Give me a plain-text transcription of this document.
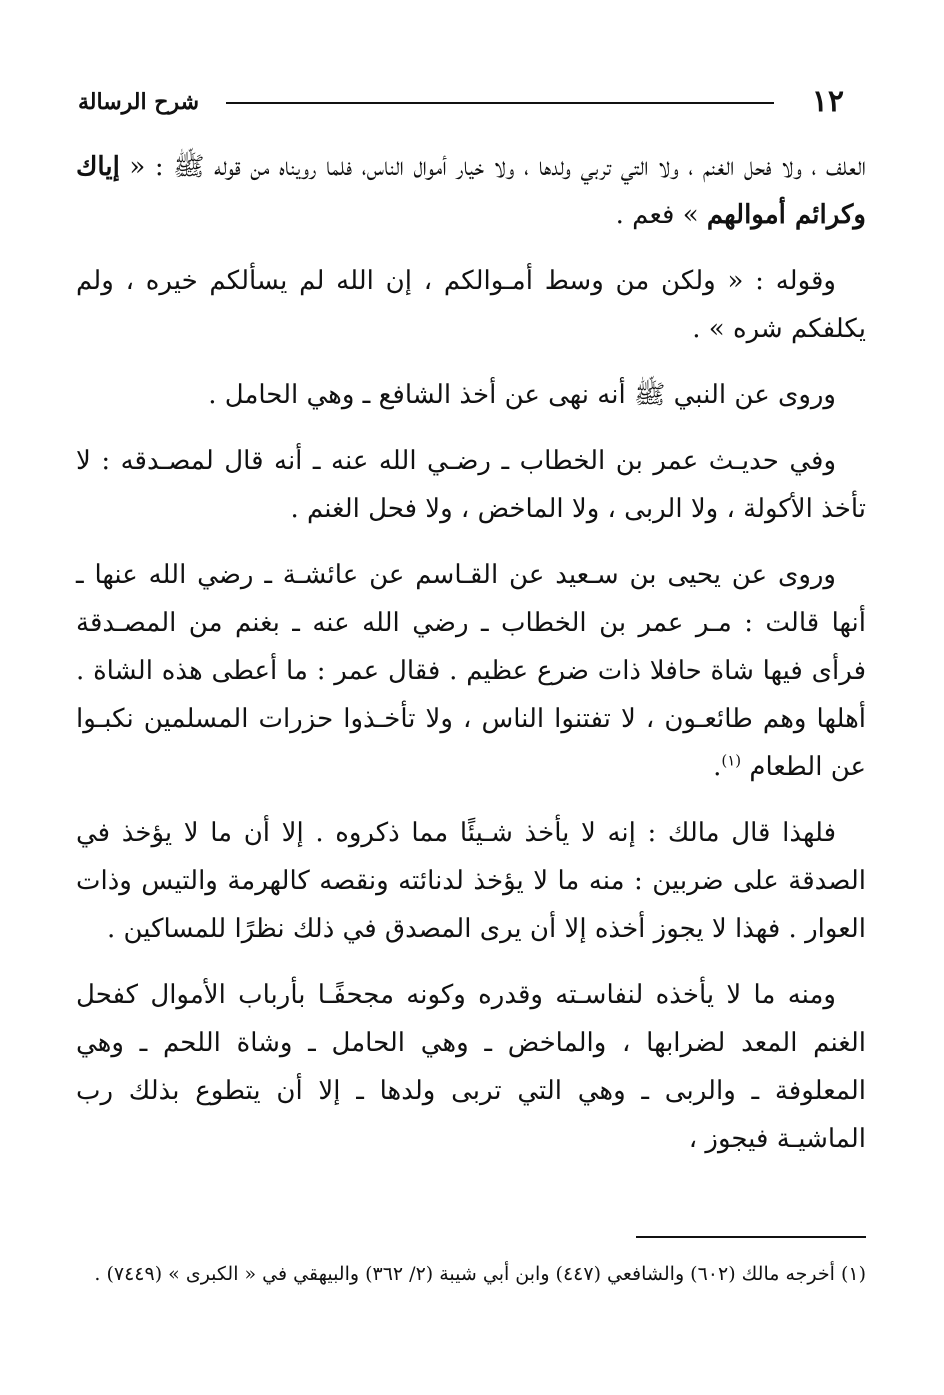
١٢
شرح الرسالة

العلف ، ولا فحل الغنم ، ولا التي تربي ولدها ، ولا خيار أموال الناس، فلما رويناه من قوله ﷺ : « إياك وكرائم أموالهم » فعم .

وقوله : « ولكن من وسط أمـوالكم ، إن الله لم يسألكم خيره ، ولم يكلفكم شره » .

وروى عن النبي ﷺ أنه نهى عن أخذ الشافع ـ وهي الحامل .

وفي حديـث عمر بن الخطاب ـ رضـي الله عنه ـ أنه قال لمصـدقه : لا تأخذ الأكولة ، ولا الربى ، ولا الماخض ، ولا فحل الغنم .

وروى عن يحيى بن سـعيد عن القـاسم عن عائشـة ـ رضي الله عنها ـ أنها قالت : مـر عمر بن الخطاب ـ رضي الله عنه ـ بغنم من المصـدقة فرأى فيها شاة حافلا ذات ضرع عظيم . فقال عمر : ما أعطى هذه الشاة . أهلها وهم طائعـون ، لا تفتنوا الناس ، ولا تأخـذوا حزرات المسلمين نكبـوا عن الطعام $^{(١)}$.

فلهذا قال مالك : إنه لا يأخذ شـيئًا مما ذكروه . إلا أن ما لا يؤخذ في الصدقة على ضربين : منه ما لا يؤخذ لدنائته ونقصه كالهرمة والتيس وذات العوار . فهذا لا يجوز أخذه إلا أن يرى المصدق في ذلك نظرًا للمساكين .

ومنه ما لا يأخذه لنفاسـته وقدره وكونه مجحفًـا بأرباب الأموال كفحل الغنم المعد لضرابها ، والماخض ـ وهي الحامل ـ وشاة اللحم ـ وهي المعلوفة ـ والربى ـ وهي التي تربى ولدها ـ إلا أن يتطوع بذلك رب الماشيـة فيجوز ،

(١) أخرجه مالك (٦٠٢) والشافعي (٤٤٧) وابن أبي شيبة (٢/ ٣٦٢) والبيهقي في « الكبرى » (٧٤٤٩) .
